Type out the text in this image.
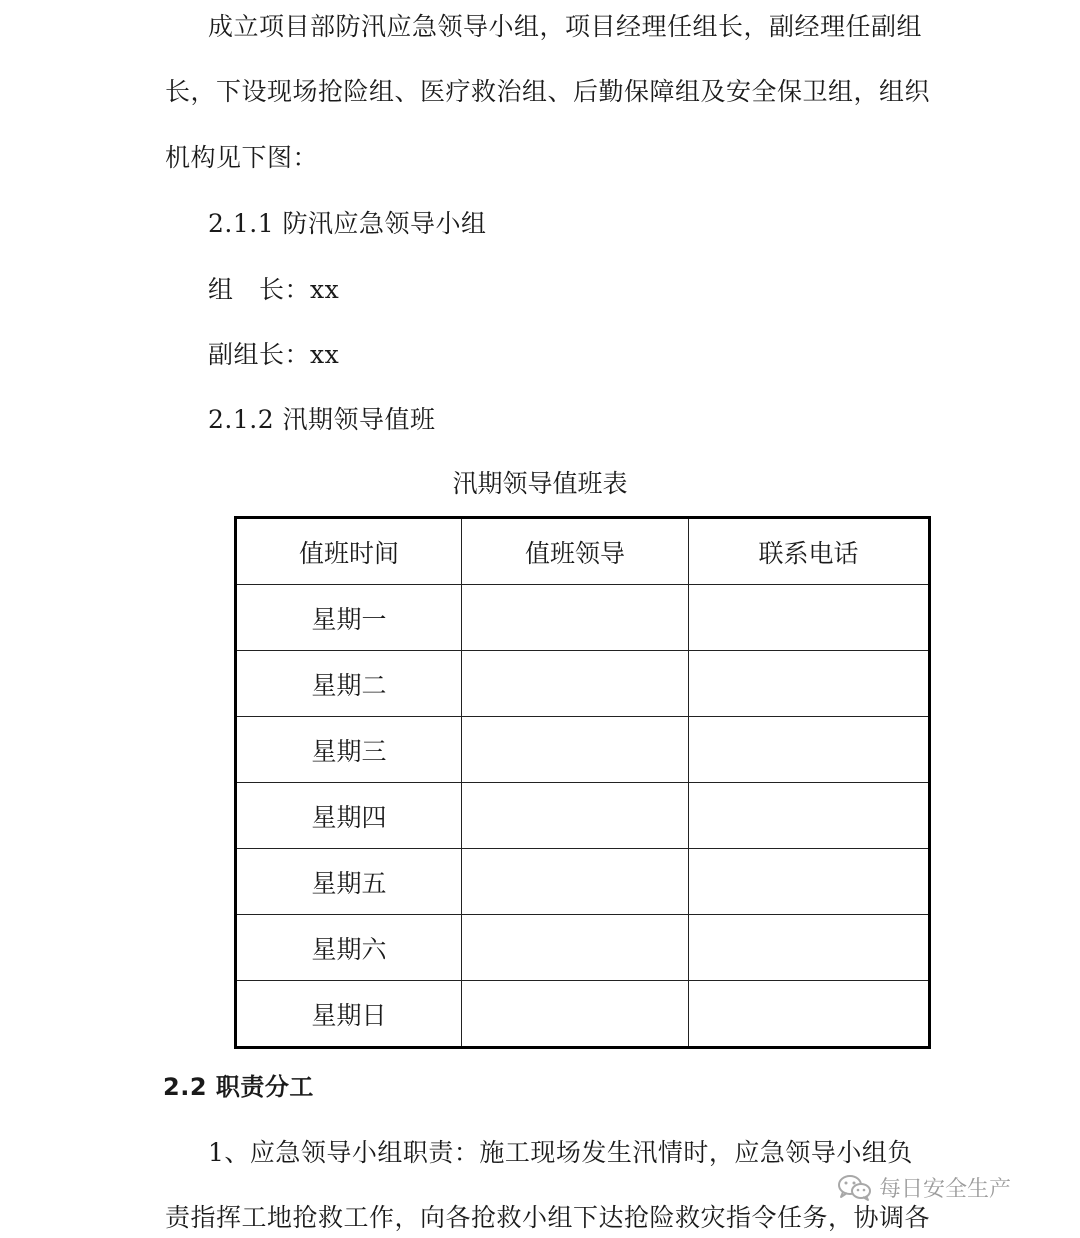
成立项目部防汛应急领导小组，项目经理任组长，副经理任副组
长，下设现场抢险组、医疗救治组、后勤保障组及安全保卫组，组织
机构见下图：
2.1.1 防汛应急领导小组
组　长：xx
副组长：xx
2.1.2 汛期领导值班
汛期领导值班表
值班时间	值班领导	联系电话
星期一		
星期二		
星期三		
星期四		
星期五		
星期六		
星期日		
2.2 职责分工
1、应急领导小组职责：施工现场发生汛情时，应急领导小组负
责指挥工地抢救工作，向各抢救小组下达抢险救灾指令任务，协调各
每日安全生产
